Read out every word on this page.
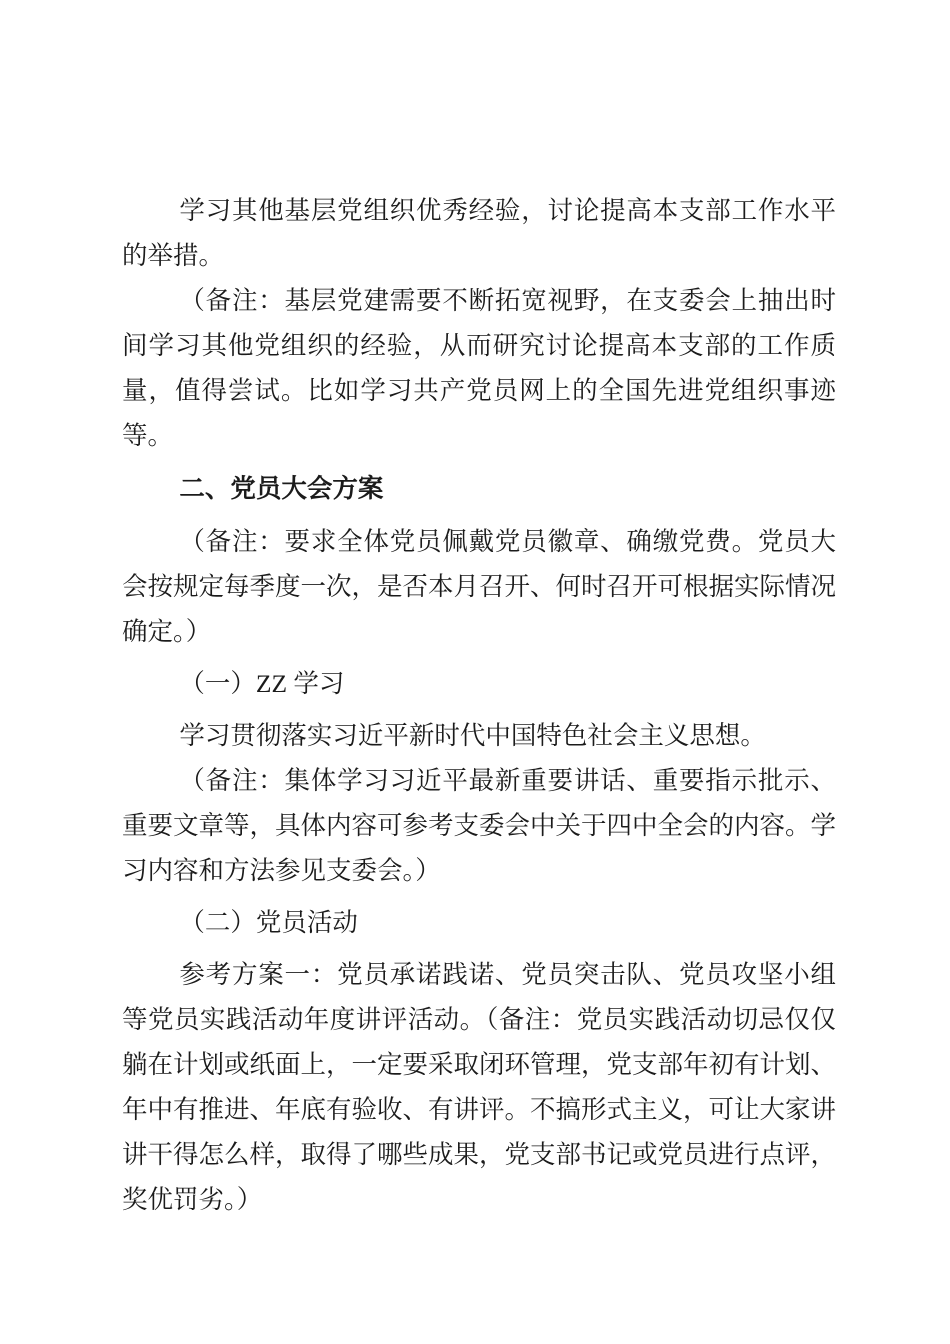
学习其他基层党组织优秀经验，讨论提高本支部工作水平的举措。

（备注：基层党建需要不断拓宽视野，在支委会上抽出时间学习其他党组织的经验，从而研究讨论提高本支部的工作质量，值得尝试。比如学习共产党员网上的全国先进党组织事迹等。

二、党员大会方案

（备注：要求全体党员佩戴党员徽章、确缴党费。党员大会按规定每季度一次，是否本月召开、何时召开可根据实际情况确定。）

（一）ZZ 学习

学习贯彻落实习近平新时代中国特色社会主义思想。

（备注：集体学习习近平最新重要讲话、重要指示批示、重要文章等，具体内容可参考支委会中关于四中全会的内容。学习内容和方法参见支委会。）

（二）党员活动

参考方案一：党员承诺践诺、党员突击队、党员攻坚小组等党员实践活动年度讲评活动。（备注：党员实践活动切忌仅仅躺在计划或纸面上，一定要采取闭环管理，党支部年初有计划、年中有推进、年底有验收、有讲评。不搞形式主义，可让大家讲讲干得怎么样，取得了哪些成果，党支部书记或党员进行点评，奖优罚劣。）
